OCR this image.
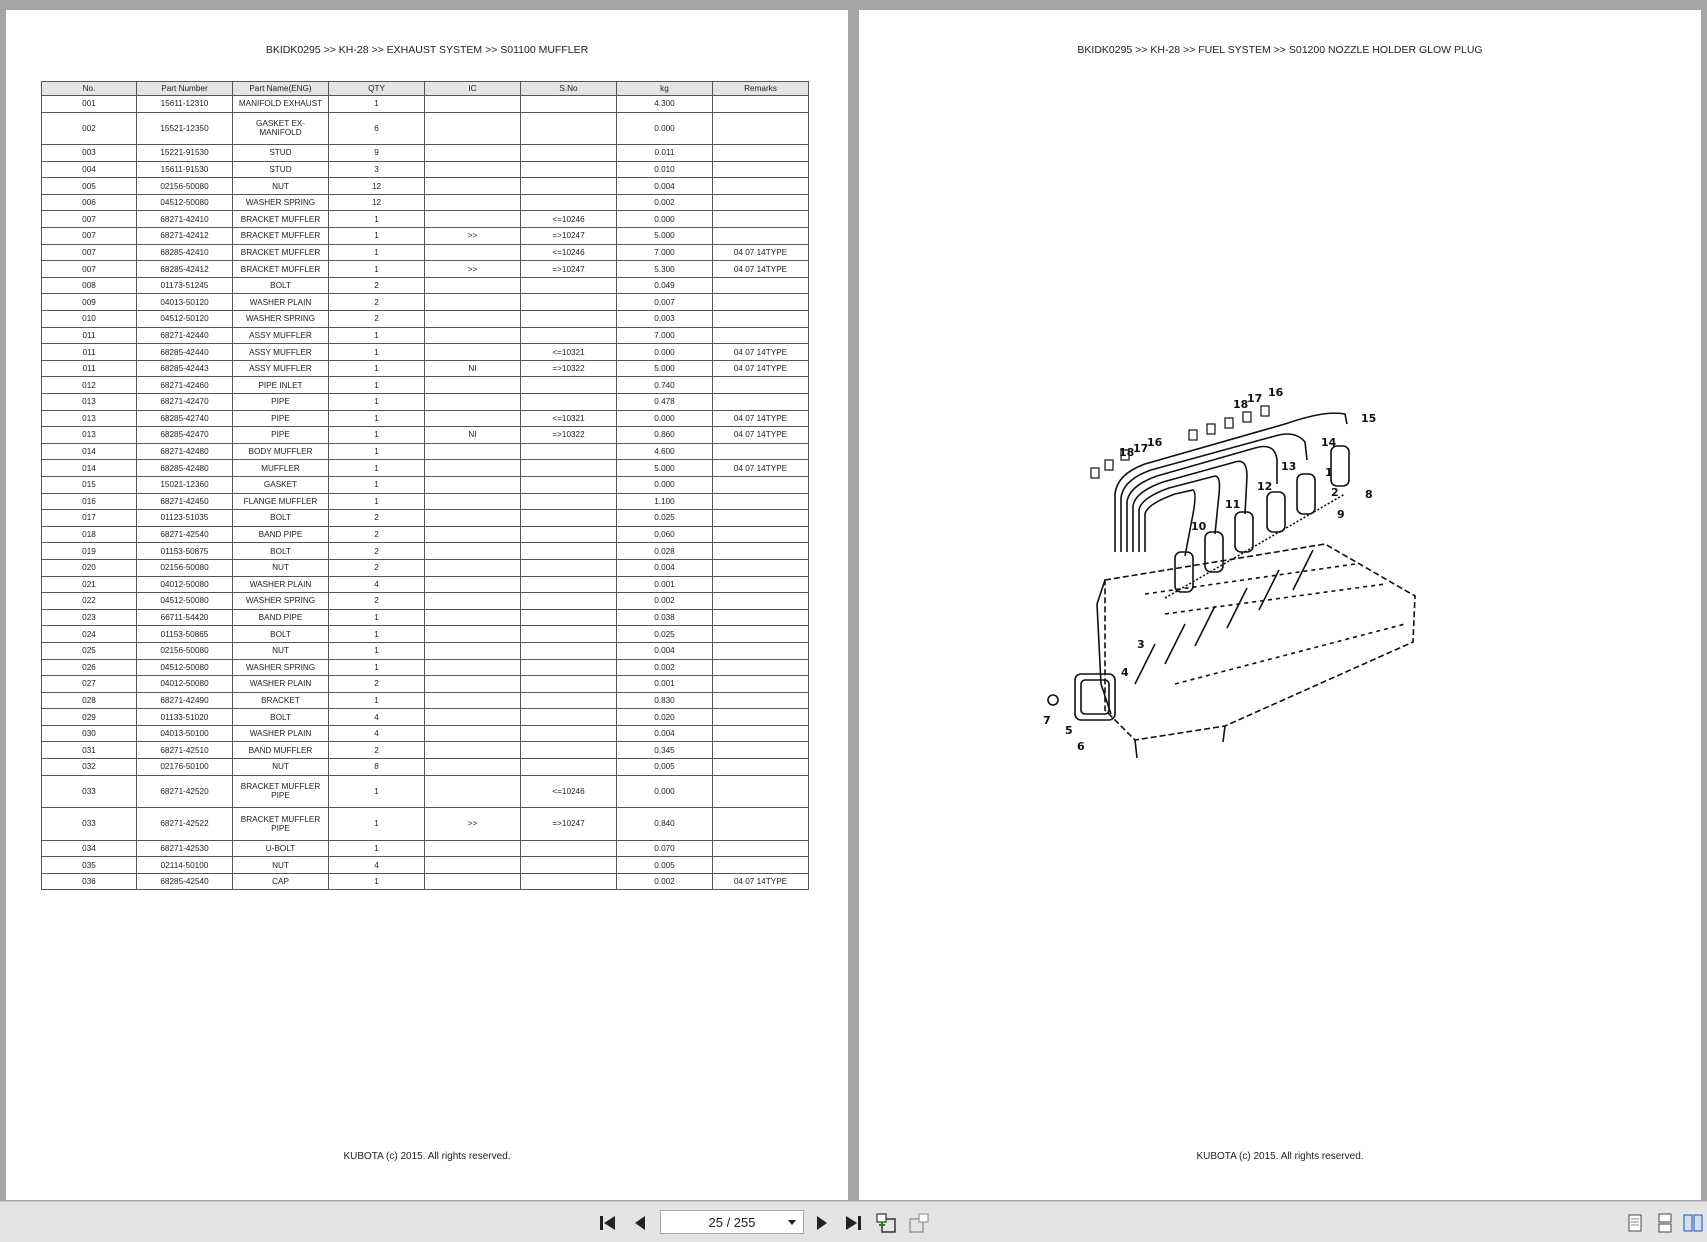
BKIDK0295 >> KH-28 >> EXHAUST SYSTEM >> S01100 MUFFLER
No.	Part Number	Part Name(ENG)	QTY	IC	S.No	kg	Remarks
001	15611-12310	MANIFOLD EXHAUST	1			4.300	
002	15521-12350	GASKET EX-MANIFOLD	6			0.000	
003	15221-91530	STUD	9			0.011	
004	15611-91530	STUD	3			0.010	
005	02156-50080	NUT	12			0.004	
006	04512-50080	WASHER SPRING	12			0.002	
007	68271-42410	BRACKET MUFFLER	1		<=10246	0.000	
007	68271-42412	BRACKET MUFFLER	1	>>	=>10247	5.000	
007	68285-42410	BRACKET MUFFLER	1		<=10246	7.000	04 07 14TYPE
007	68285-42412	BRACKET MUFFLER	1	>>	=>10247	5.300	04 07 14TYPE
008	01173-51245	BOLT	2			0.049	
009	04013-50120	WASHER PLAIN	2			0.007	
010	04512-50120	WASHER SPRING	2			0.003	
011	68271-42440	ASSY MUFFLER	1			7.000	
011	68285-42440	ASSY MUFFLER	1		<=10321	0.000	04 07 14TYPE
011	68285-42443	ASSY MUFFLER	1	NI	=>10322	5.000	04 07 14TYPE
012	68271-42460	PIPE INLET	1			0.740	
013	68271-42470	PIPE	1			0.478	
013	68285-42740	PIPE	1		<=10321	0.000	04 07 14TYPE
013	68285-42470	PIPE	1	NI	=>10322	0.860	04 07 14TYPE
014	68271-42480	BODY MUFFLER	1			4.600	
014	68285-42480	MUFFLER	1			5.000	04 07 14TYPE
015	15021-12360	GASKET	1			0.000	
016	68271-42450	FLANGE MUFFLER	1			1.100	
017	01123-51035	BOLT	2			0.025	
018	68271-42540	BAND PIPE	2			0.060	
019	01153-50875	BOLT	2			0.028	
020	02156-50080	NUT	2			0.004	
021	04012-50080	WASHER PLAIN	4			0.001	
022	04512-50080	WASHER SPRING	2			0.002	
023	66711-54420	BAND PIPE	1			0.038	
024	01153-50865	BOLT	1			0.025	
025	02156-50080	NUT	1			0.004	
026	04512-50080	WASHER SPRING	1			0.002	
027	04012-50080	WASHER PLAIN	2			0.001	
028	68271-42490	BRACKET	1			0.830	
029	01133-51020	BOLT	4			0.020	
030	04013-50100	WASHER PLAIN	4			0.004	
031	68271-42510	BAND MUFFLER	2			0.345	
032	02176-50100	NUT	8			0.005	
033	68271-42520	BRACKET MUFFLER PIPE	1		<=10246	0.000	
033	68271-42522	BRACKET MUFFLER PIPE	1	>>	=>10247	0.840	
034	68271-42530	U-BOLT	1			0.070	
035	02114-50100	NUT	4			0.005	
036	68285-42540	CAP	1			0.002	04 07 14TYPE
KUBOTA (c) 2015. All rights reserved.
BKIDK0295 >> KH-28 >> FUEL SYSTEM >> S01200 NOZZLE HOLDER GLOW PLUG
16
17
18
15
14
17
16
18
13
12
11
10
1
8
9
2
3
4
5
6
7
KUBOTA (c) 2015. All rights reserved.
25 / 255
